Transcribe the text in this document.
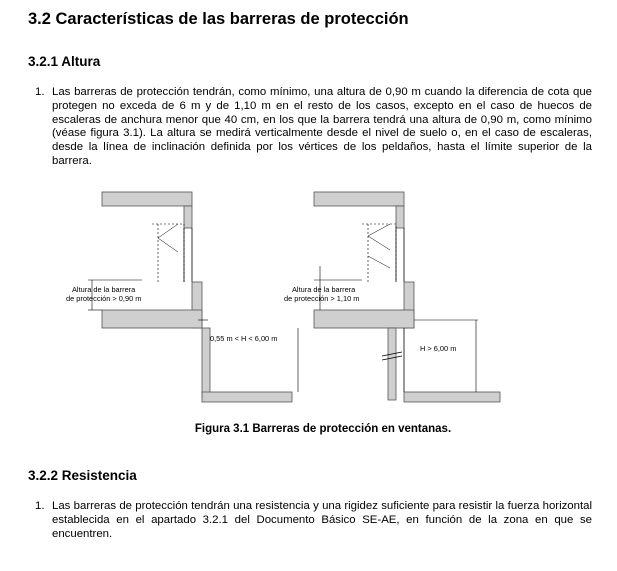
3.2 Características de las barreras de protección
3.2.1 Altura

1. Las barreras de protección tendrán, como mínimo, una altura de 0,90 m cuando la diferencia de cota que protegen no exceda de 6 m y de 1,10 m en el resto de los casos, excepto en el caso de huecos de escaleras de anchura menor que 40 cm, en los que la barrera tendrá una altura de 0,90 m, como mínimo (véase figura 3.1). La altura se medirá verticalmente desde el nivel de suelo o, en el caso de escaleras, desde la línea de inclinación definida por los vértices de los peldaños, hasta el límite superior de la barrera.

Altura de la barrera
de protección > 0,90 m
0,55 m < H < 6,00 m
Altura de la barrera
de protección > 1,10 m
H > 6,00 m
Figura 3.1 Barreras de protección en ventanas.
3.2.2 Resistencia

1. Las barreras de protección tendrán una resistencia y una rigidez suficiente para resistir la fuerza horizontal establecida en el apartado 3.2.1 del Documento Básico SE-AE, en función de la zona en que se encuentren.
